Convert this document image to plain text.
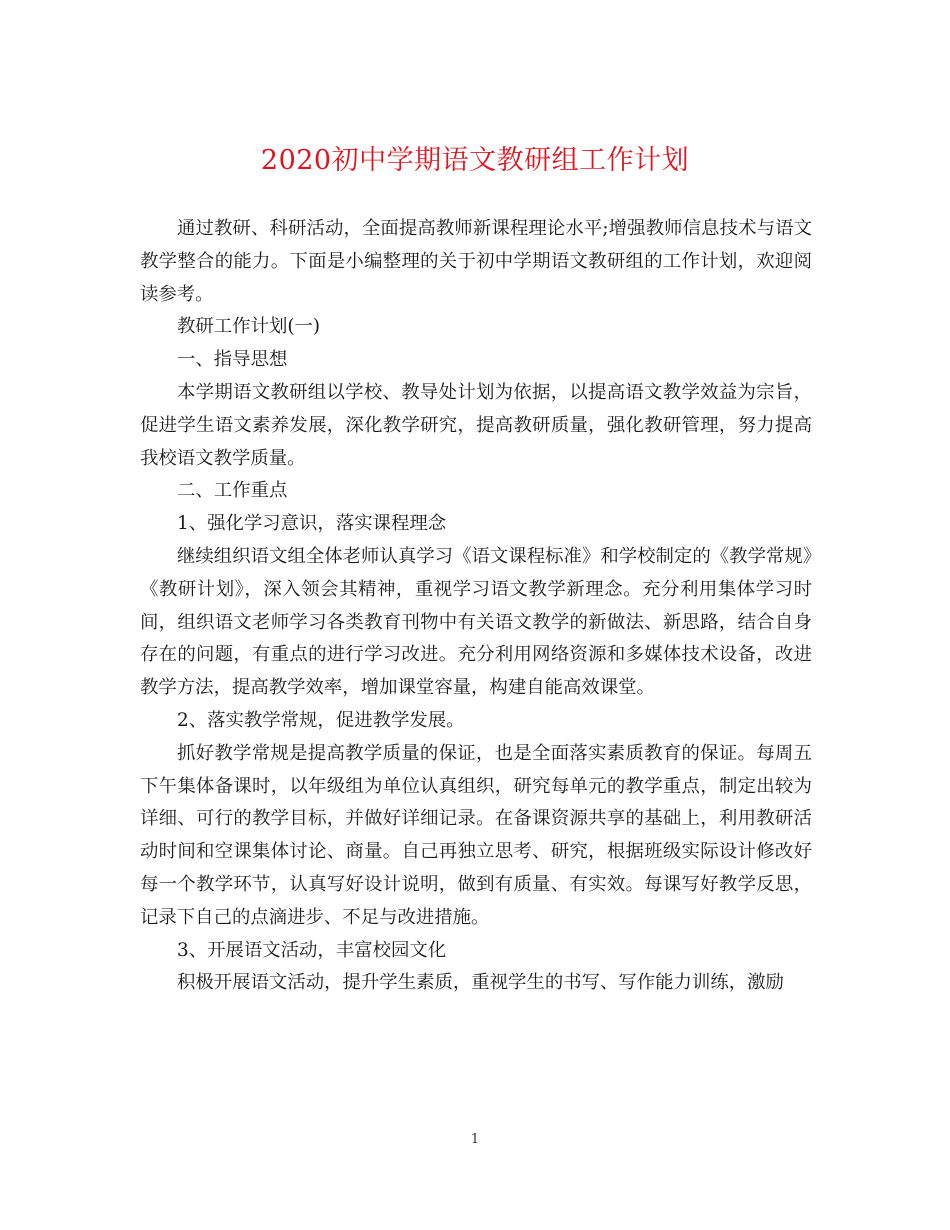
2020初中学期语文教研组工作计划

通过教研、科研活动，全面提高教师新课程理论水平;增强教师信息技术与语文教学整合的能力。下面是小编整理的关于初中学期语文教研组的工作计划，欢迎阅读参考。

教研工作计划(一)

一、指导思想

本学期语文教研组以学校、教导处计划为依据，以提高语文教学效益为宗旨，促进学生语文素养发展，深化教学研究，提高教研质量，强化教研管理，努力提高我校语文教学质量。

二、工作重点

1、强化学习意识，落实课程理念

继续组织语文组全体老师认真学习《语文课程标准》和学校制定的《教学常规》《教研计划》，深入领会其精神，重视学习语文教学新理念。充分利用集体学习时间，组织语文老师学习各类教育刊物中有关语文教学的新做法、新思路，结合自身存在的问题，有重点的进行学习改进。充分利用网络资源和多媒体技术设备，改进教学方法，提高教学效率，增加课堂容量，构建自能高效课堂。

2、落实教学常规，促进教学发展。

抓好教学常规是提高教学质量的保证，也是全面落实素质教育的保证。每周五下午集体备课时，以年级组为单位认真组织，研究每单元的教学重点，制定出较为详细、可行的教学目标，并做好详细记录。在备课资源共享的基础上，利用教研活动时间和空课集体讨论、商量。自己再独立思考、研究，根据班级实际设计修改好每一个教学环节，认真写好设计说明，做到有质量、有实效。每课写好教学反思，记录下自己的点滴进步、不足与改进措施。

3、开展语文活动，丰富校园文化

积极开展语文活动，提升学生素质，重视学生的书写、写作能力训练，激励

1
